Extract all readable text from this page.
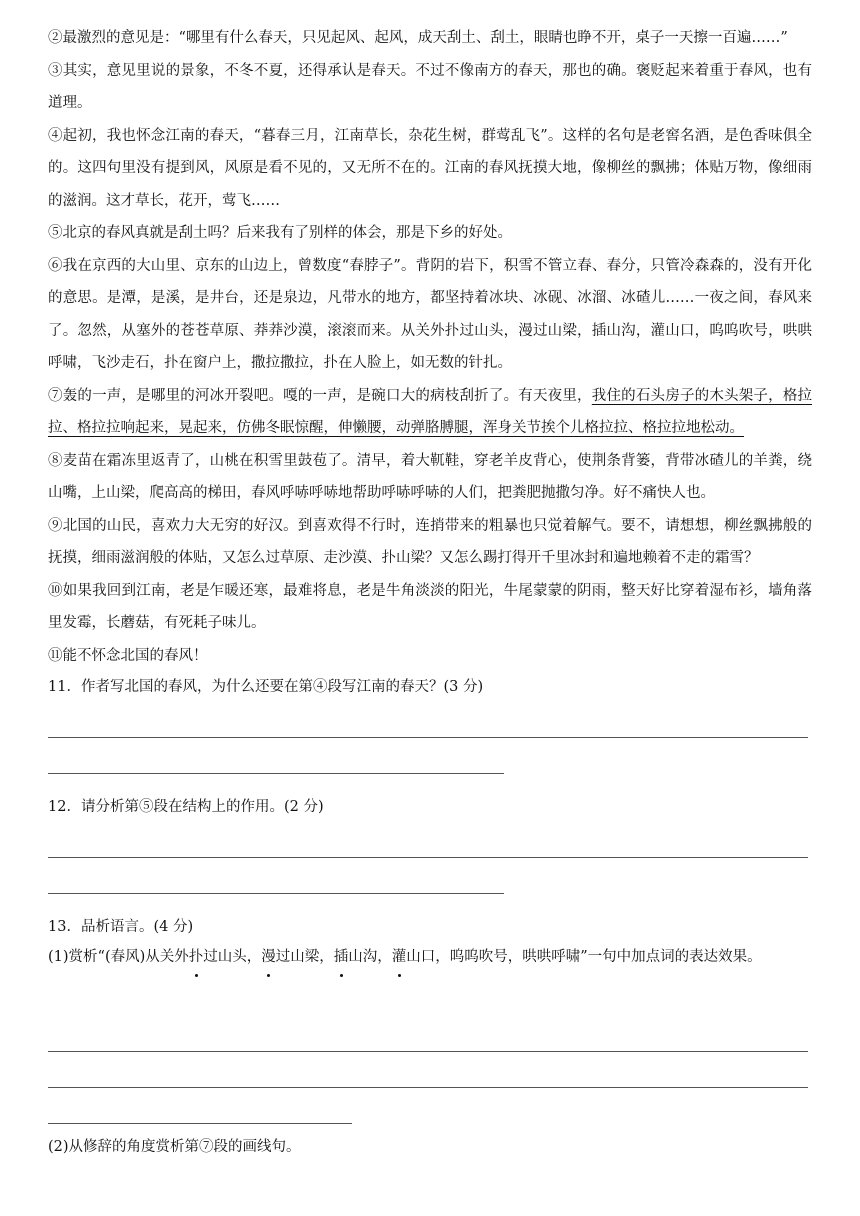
②最激烈的意见是：“哪里有什么春天，只见起风、起风，成天刮土、刮土，眼睛也睁不开，桌子一天擦一百遍……”

③其实，意见里说的景象，不冬不夏，还得承认是春天。不过不像南方的春天，那也的确。褒贬起来着重于春风，也有道理。

④起初，我也怀念江南的春天，“暮春三月，江南草长，杂花生树，群莺乱飞”。这样的名句是老窖名酒，是色香味俱全的。这四句里没有提到风，风原是看不见的，又无所不在的。江南的春风抚摸大地，像柳丝的飘拂；体贴万物，像细雨的滋润。这才草长，花开，莺飞……

⑤北京的春风真就是刮土吗？后来我有了别样的体会，那是下乡的好处。

⑥我在京西的大山里、京东的山边上，曾数度“春脖子”。背阴的岩下，积雪不管立春、春分，只管冷森森的，没有开化的意思。是潭，是溪，是井台，还是泉边，凡带水的地方，都坚持着冰块、冰砚、冰溜、冰碴儿……一夜之间，春风来了。忽然，从塞外的苍苍草原、莽莽沙漠，滚滚而来。从关外扑过山头，漫过山梁，插山沟，灌山口，呜呜吹号，哄哄呼啸，飞沙走石，扑在窗户上，撒拉撒拉，扑在人脸上，如无数的针扎。

⑦轰的一声，是哪里的河冰开裂吧。嘎的一声，是碗口大的病枝刮折了。有天夜里，我住的石头房子的木头架子，格拉拉、格拉拉响起来，晃起来，仿佛冬眠惊醒，伸懒腰，动弹胳膊腿，浑身关节挨个儿格拉拉、格拉拉地松动。

⑧麦苗在霜冻里返青了，山桃在积雪里鼓苞了。清早，着大靰鞋，穿老羊皮背心，使荆条背篓，背带冰碴儿的羊粪，绕山嘴，上山梁，爬高高的梯田，春风呼哧呼哧地帮助呼哧呼哧的人们，把粪肥抛撒匀净。好不痛快人也。

⑨北国的山民，喜欢力大无穷的好汉。到喜欢得不行时，连捎带来的粗暴也只觉着解气。要不，请想想，柳丝飘拂般的抚摸，细雨滋润般的体贴，又怎么过草原、走沙漠、扑山梁？又怎么踢打得开千里冰封和遍地赖着不走的霜雪？

⑩如果我回到江南，老是乍暖还寒，最难将息，老是牛角淡淡的阳光，牛尾蒙蒙的阴雨，整天好比穿着湿布衫，墙角落里发霉，长蘑菇，有死耗子味儿。

⑪能不怀念北国的春风！

11．作者写北国的春风，为什么还要在第④段写江南的春天？(3 分)

12．请分析第⑤段在结构上的作用。(2 分)

13．品析语言。(4 分)

(1)赏析“(春风)从关外扑过山头，漫过山梁，插山沟，灌山口，呜呜吹号，哄哄呼啸”一句中加点词的表达效果。

(2)从修辞的角度赏析第⑦段的画线句。
